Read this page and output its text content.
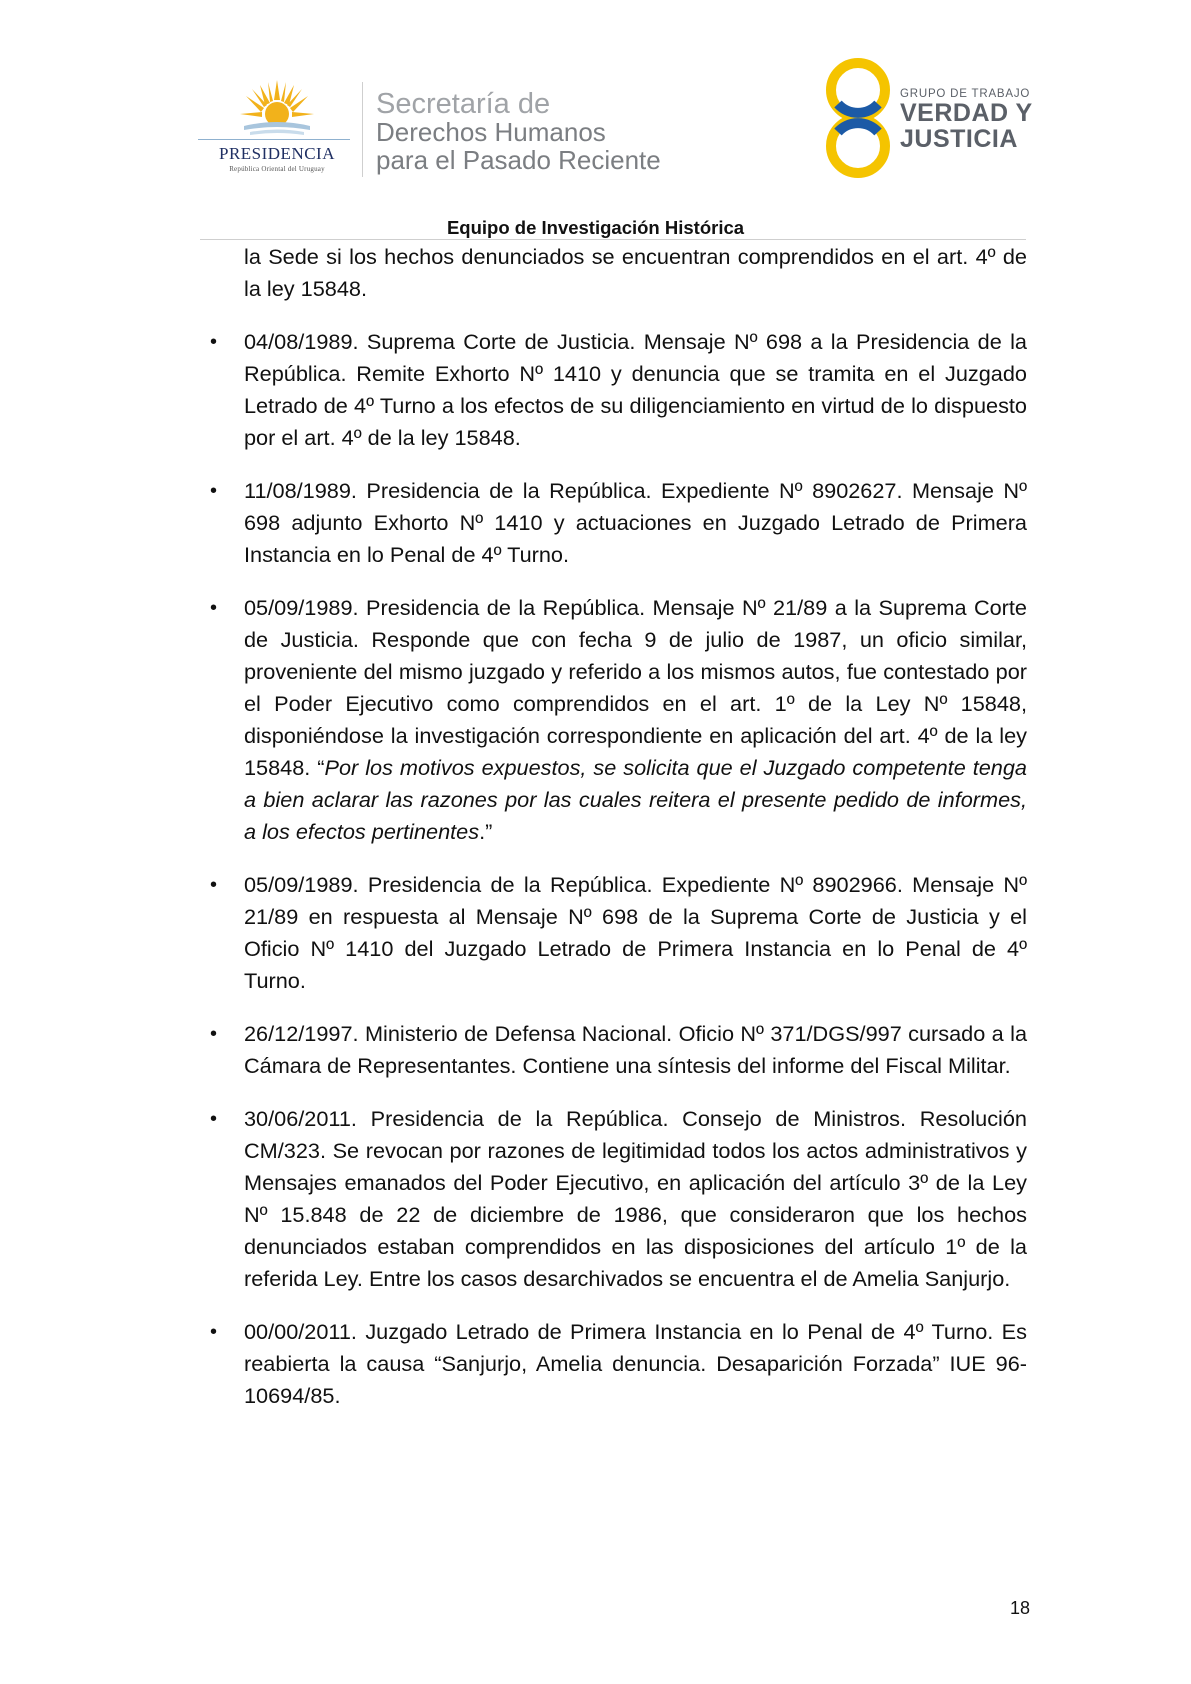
PRESIDENCIA
República Oriental del Uruguay
Secretaría de
Derechos Humanos
para el Pasado Reciente
GRUPO DE TRABAJO
VERDAD Y
JUSTICIA
Equipo de Investigación Histórica

la Sede si los hechos denunciados se encuentran comprendidos en el art. 4º de la ley 15848.

• 04/08/1989. Suprema Corte de Justicia. Mensaje Nº 698 a la Presidencia de la República. Remite Exhorto Nº 1410 y denuncia que se tramita en el Juzgado Letrado de 4º Turno a los efectos de su diligenciamiento en virtud de lo dispuesto por el art. 4º de la ley 15848.
• 11/08/1989. Presidencia de la República. Expediente Nº 8902627. Mensaje Nº 698 adjunto Exhorto Nº 1410 y actuaciones en Juzgado Letrado de Primera Instancia en lo Penal de 4º Turno.
• 05/09/1989. Presidencia de la República. Mensaje Nº 21/89 a la Suprema Corte de Justicia. Responde que con fecha 9 de julio de 1987, un oficio similar, proveniente del mismo juzgado y referido a los mismos autos, fue contestado por el Poder Ejecutivo como comprendidos en el art. 1º de la Ley Nº 15848, disponiéndose la investigación correspondiente en aplicación del art. 4º de la ley 15848. “Por los motivos expuestos, se solicita que el Juzgado competente tenga a bien aclarar las razones por las cuales reitera el presente pedido de informes, a los efectos pertinentes.”
• 05/09/1989. Presidencia de la República. Expediente Nº 8902966. Mensaje Nº 21/89 en respuesta al Mensaje Nº 698 de la Suprema Corte de Justicia y el Oficio Nº 1410 del Juzgado Letrado de Primera Instancia en lo Penal de 4º Turno.
• 26/12/1997. Ministerio de Defensa Nacional. Oficio Nº 371/DGS/997 cursado a la Cámara de Representantes. Contiene una síntesis del informe del Fiscal Militar.
• 30/06/2011. Presidencia de la República. Consejo de Ministros. Resolución CM/323. Se revocan por razones de legitimidad todos los actos administrativos y Mensajes emanados del Poder Ejecutivo, en aplicación del artículo 3º de la Ley Nº 15.848 de 22 de diciembre de 1986, que consideraron que los hechos denunciados estaban comprendidos en las disposiciones del artículo 1º de la referida Ley. Entre los casos desarchivados se encuentra el de Amelia Sanjurjo.
• 00/00/2011. Juzgado Letrado de Primera Instancia en lo Penal de 4º Turno. Es reabierta la causa “Sanjurjo, Amelia denuncia. Desaparición Forzada” IUE 96-10694/85.
18
